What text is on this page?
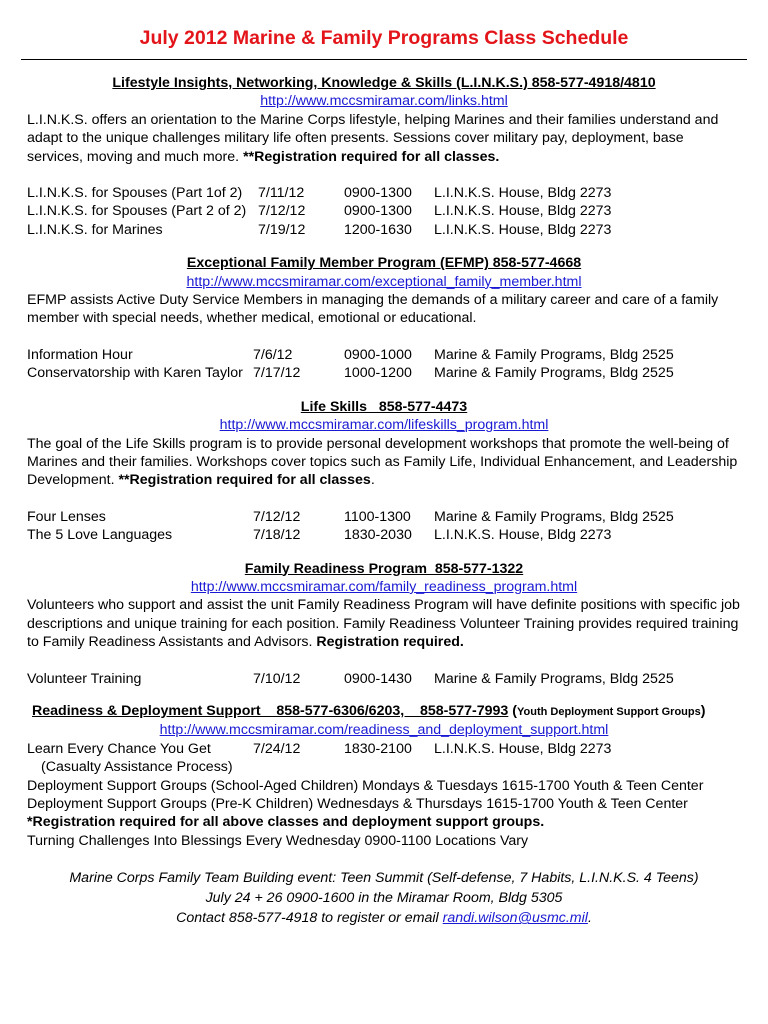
July 2012 Marine & Family Programs Class Schedule
Lifestyle Insights, Networking, Knowledge & Skills (L.I.N.K.S.) 858-577-4918/4810
http://www.mccsmiramar.com/links.html

L.I.N.K.S. offers an orientation to the Marine Corps lifestyle, helping Marines and their families understand and adapt to the unique challenges military life often presents. Sessions cover military pay, deployment, base services, moving and much more. **Registration required for all classes.

L.I.N.K.S. for Spouses (Part 1of 2)	7/11/12	0900-1300	L.I.N.K.S. House, Bldg 2273
L.I.N.K.S. for Spouses (Part 2 of 2) 7/12/12	0900-1300	L.I.N.K.S. House, Bldg 2273
L.I.N.K.S. for Marines	7/19/12	1200-1630	L.I.N.K.S. House, Bldg 2273
Exceptional Family Member Program (EFMP) 858-577-4668
http://www.mccsmiramar.com/exceptional_family_member.html

EFMP assists Active Duty Service Members in managing the demands of a military career and care of a family member with special needs, whether medical, emotional or educational.

Information Hour	7/6/12	0900-1000	Marine & Family Programs, Bldg 2525
Conservatorship with Karen Taylor 7/17/12	1000-1200	Marine & Family Programs, Bldg 2525
Life Skills   858-577-4473
http://www.mccsmiramar.com/lifeskills_program.html

The goal of the Life Skills program is to provide personal development workshops that promote the well-being of Marines and their families. Workshops cover topics such as Family Life, Individual Enhancement, and Leadership Development. **Registration required for all classes.

Four Lenses	7/12/12	1100-1300	Marine & Family Programs, Bldg 2525
The 5 Love Languages	7/18/12	1830-2030	L.I.N.K.S. House, Bldg 2273
Family Readiness Program  858-577-1322
http://www.mccsmiramar.com/family_readiness_program.html

Volunteers who support and assist the unit Family Readiness Program will have definite positions with specific job descriptions and unique training for each position. Family Readiness Volunteer Training provides required training to Family Readiness Assistants and Advisors. Registration required.

Volunteer Training	7/10/12	0900-1430	Marine & Family Programs, Bldg 2525
Readiness & Deployment Support    858-577-6306/6203,    858-577-7993 (Youth Deployment Support Groups)
http://www.mccsmiramar.com/readiness_and_deployment_support.html
Learn Every Chance You Get	7/24/12	1830-2100	L.I.N.K.S. House, Bldg 2273
(Casualty Assistance Process)
Deployment Support Groups (School-Aged Children) Mondays & Tuesdays 1615-1700 Youth & Teen Center
Deployment Support Groups (Pre-K Children) Wednesdays & Thursdays 1615-1700 Youth & Teen Center
*Registration required for all above classes and deployment support groups.
Turning Challenges Into Blessings Every Wednesday 0900-1100 Locations Vary
Marine Corps Family Team Building event: Teen Summit (Self-defense, 7 Habits, L.I.N.K.S. 4 Teens)
July 24 + 26 0900-1600 in the Miramar Room, Bldg 5305
Contact 858-577-4918 to register or email randi.wilson@usmc.mil.
